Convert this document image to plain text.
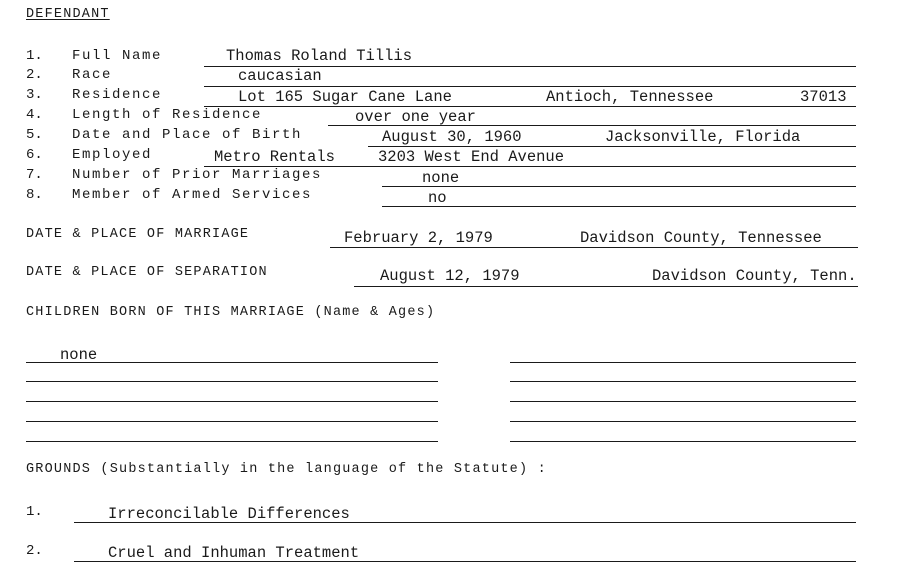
DEFENDANT
1. Full Name	Thomas Roland Tillis
2. Race	caucasian
3. Residence	Lot 165 Sugar Cane Lane	Antioch, Tennessee	37013
4. Length of Residence	over one year
5. Date and Place of Birth	August 30, 1960	Jacksonville, Florida
6. Employed	Metro Rentals	3203 West End Avenue
7. Number of Prior Marriages	none
8. Member of Armed Services	no
DATE & PLACE OF MARRIAGE	February 2, 1979	Davidson County, Tennessee
DATE & PLACE OF SEPARATION	August 12, 1979	Davidson County, Tenn.
CHILDREN BORN OF THIS MARRIAGE (Name & Ages)
none
GROUNDS (Substantially in the language of the Statute) :
1.	Irreconcilable Differences
2.	Cruel and Inhuman Treatment
